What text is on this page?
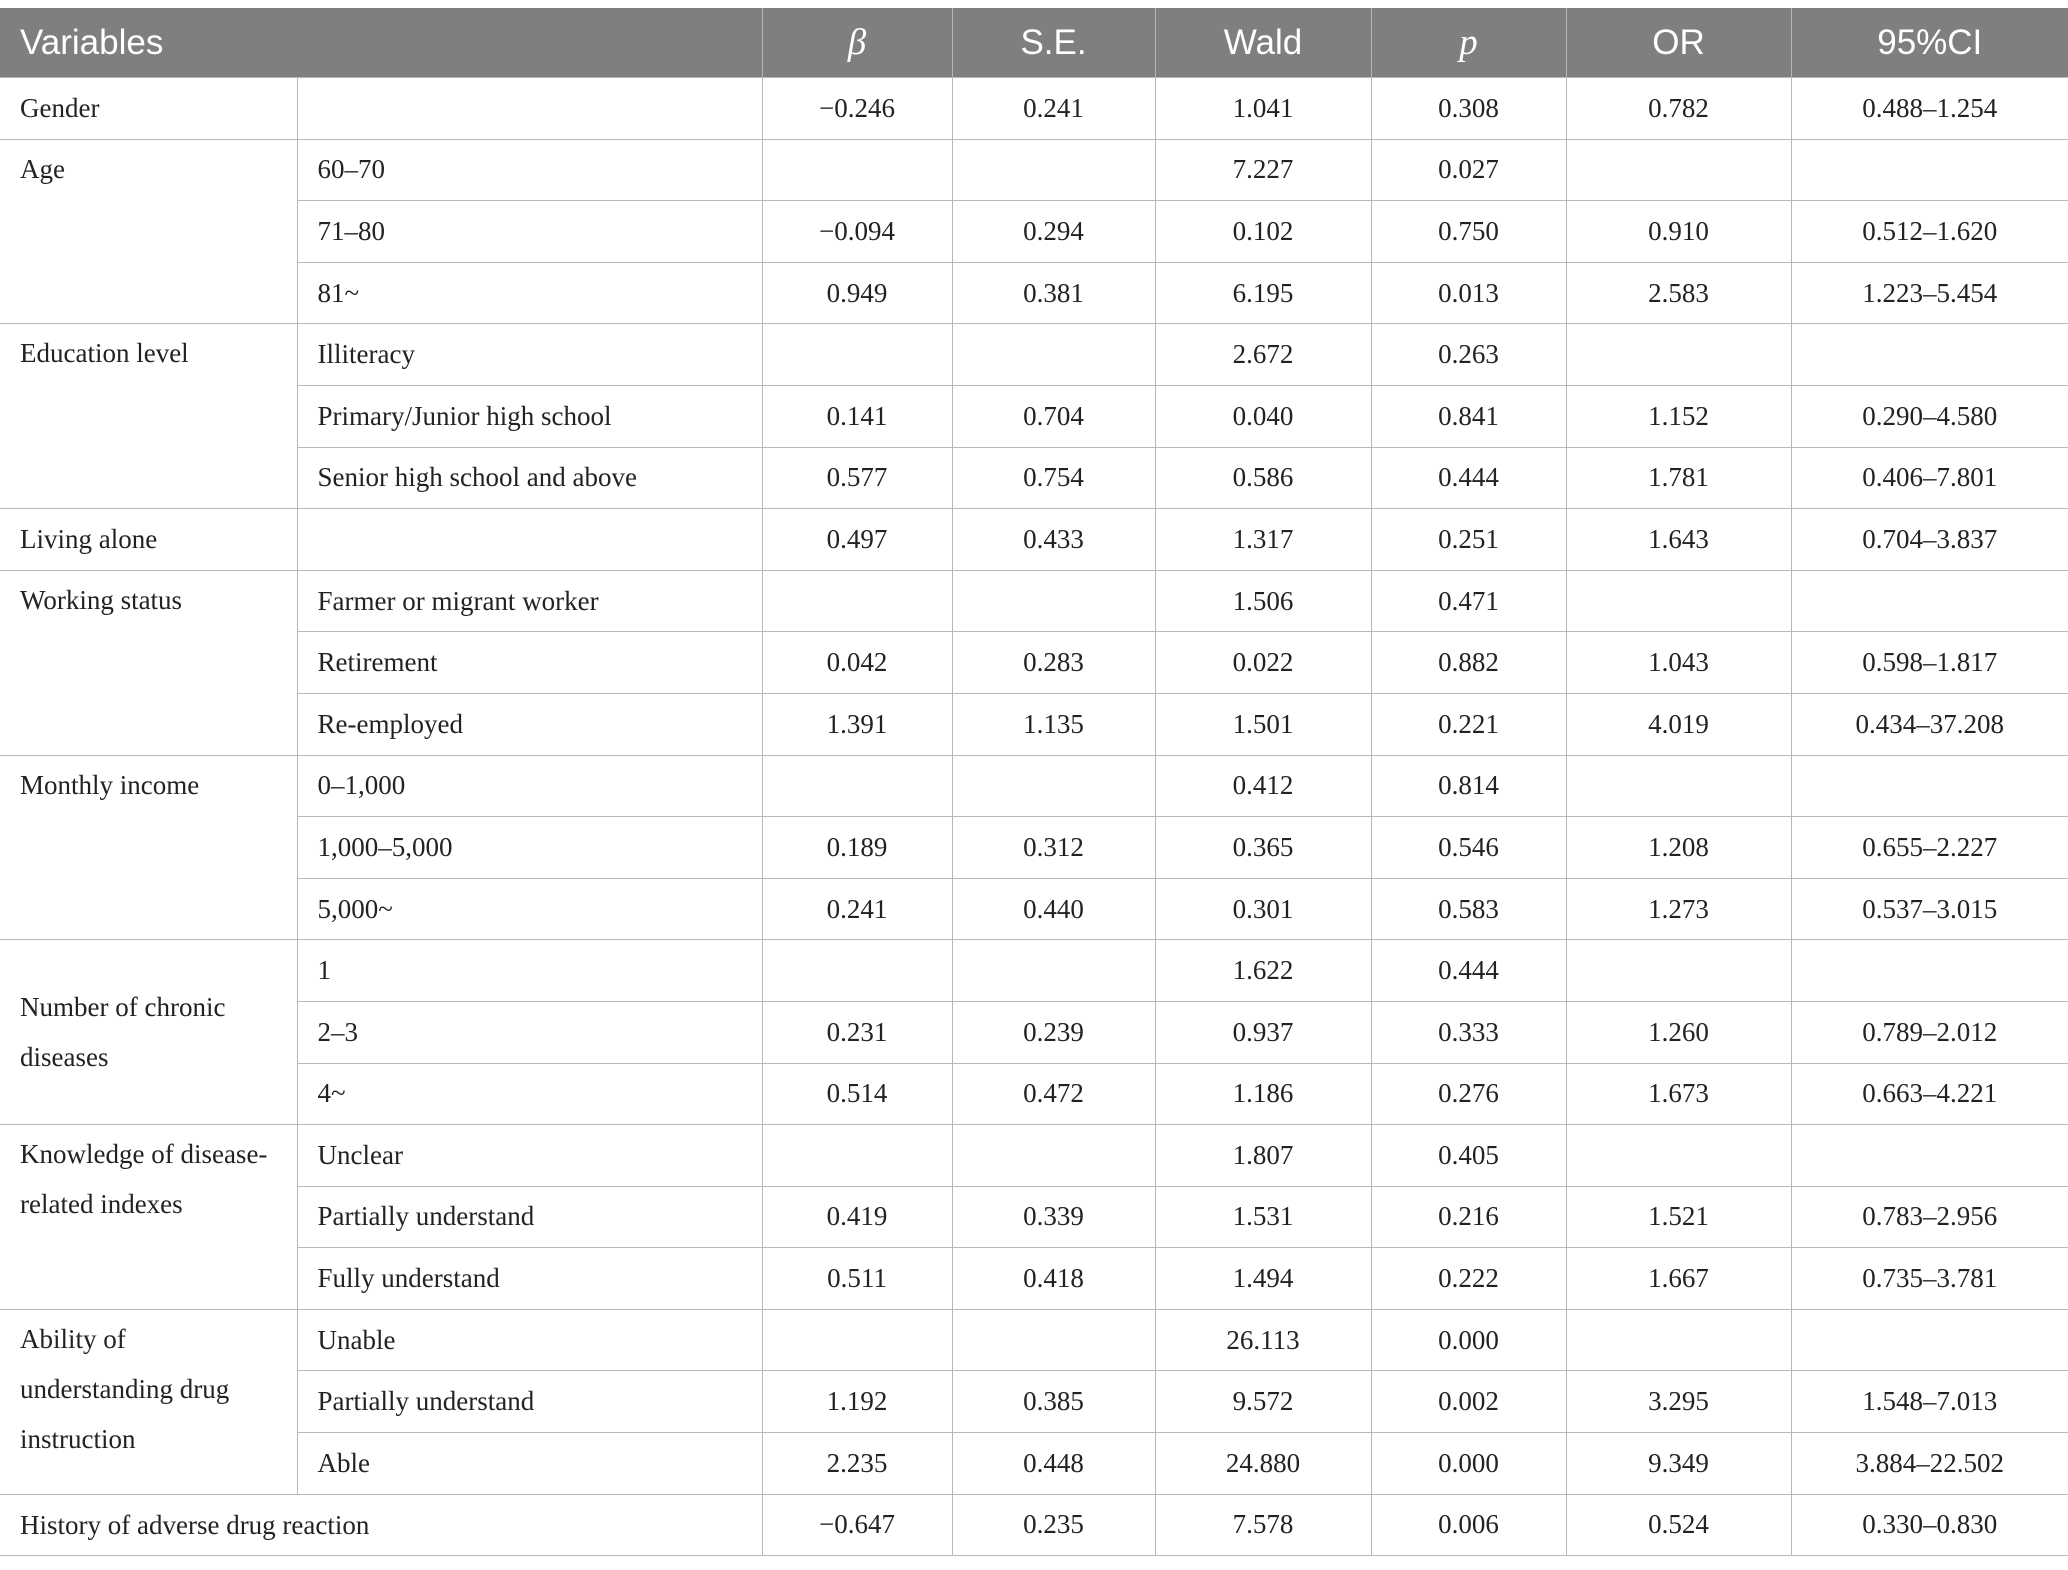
Variables		β	S.E.	Wald	p	OR	95%CI
Gender		−0.246	0.241	1.041	0.308	0.782	0.488–1.254
Age	60–70			7.227	0.027		
	71–80	−0.094	0.294	0.102	0.750	0.910	0.512–1.620
	81~	0.949	0.381	6.195	0.013	2.583	1.223–5.454
Education level	Illiteracy			2.672	0.263		
	Primary/Junior high school	0.141	0.704	0.040	0.841	1.152	0.290–4.580
	Senior high school and above	0.577	0.754	0.586	0.444	1.781	0.406–7.801
Living alone		0.497	0.433	1.317	0.251	1.643	0.704–3.837
Working status	Farmer or migrant worker			1.506	0.471		
	Retirement	0.042	0.283	0.022	0.882	1.043	0.598–1.817
	Re-employed	1.391	1.135	1.501	0.221	4.019	0.434–37.208
Monthly income	0–1,000			0.412	0.814		
	1,000–5,000	0.189	0.312	0.365	0.546	1.208	0.655–2.227
	5,000~	0.241	0.440	0.301	0.583	1.273	0.537–3.015
Number of chronic diseases	1			1.622	0.444		
	2–3	0.231	0.239	0.937	0.333	1.260	0.789–2.012
	4~	0.514	0.472	1.186	0.276	1.673	0.663–4.221
Knowledge of disease-related indexes	Unclear			1.807	0.405		
	Partially understand	0.419	0.339	1.531	0.216	1.521	0.783–2.956
	Fully understand	0.511	0.418	1.494	0.222	1.667	0.735–3.781
Ability of understanding drug instruction	Unable			26.113	0.000		
	Partially understand	1.192	0.385	9.572	0.002	3.295	1.548–7.013
	Able	2.235	0.448	24.880	0.000	9.349	3.884–22.502
History of adverse drug reaction		−0.647	0.235	7.578	0.006	0.524	0.330–0.830
